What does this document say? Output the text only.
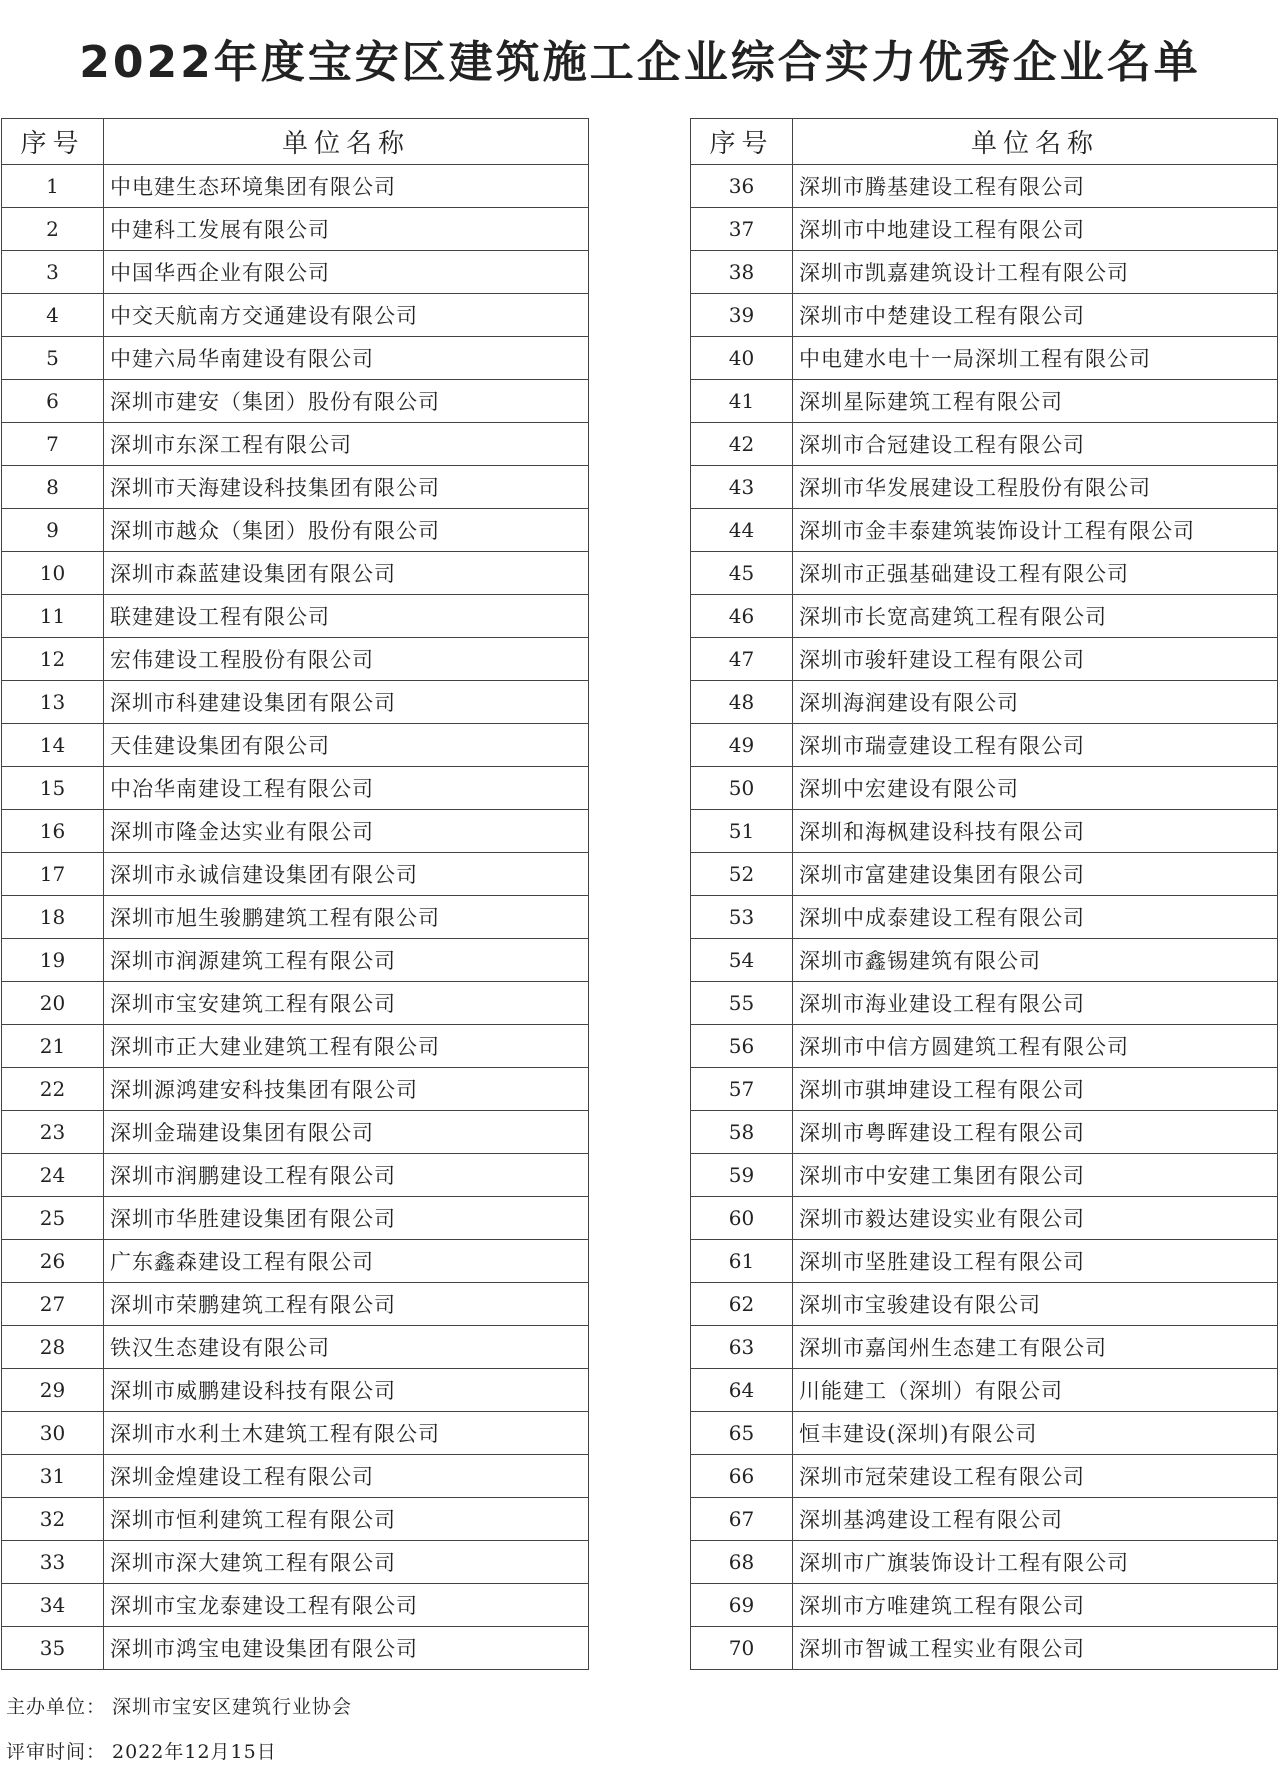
2022年度宝安区建筑施工企业综合实力优秀企业名单
序号	单位名称
1	中电建生态环境集团有限公司
2	中建科工发展有限公司
3	中国华西企业有限公司
4	中交天航南方交通建设有限公司
5	中建六局华南建设有限公司
6	深圳市建安（集团）股份有限公司
7	深圳市东深工程有限公司
8	深圳市天海建设科技集团有限公司
9	深圳市越众（集团）股份有限公司
10	深圳市森蓝建设集团有限公司
11	联建建设工程有限公司
12	宏伟建设工程股份有限公司
13	深圳市科建建设集团有限公司
14	天佳建设集团有限公司
15	中冶华南建设工程有限公司
16	深圳市隆金达实业有限公司
17	深圳市永诚信建设集团有限公司
18	深圳市旭生骏鹏建筑工程有限公司
19	深圳市润源建筑工程有限公司
20	深圳市宝安建筑工程有限公司
21	深圳市正大建业建筑工程有限公司
22	深圳源鸿建安科技集团有限公司
23	深圳金瑞建设集团有限公司
24	深圳市润鹏建设工程有限公司
25	深圳市华胜建设集团有限公司
26	广东鑫森建设工程有限公司
27	深圳市荣鹏建筑工程有限公司
28	铁汉生态建设有限公司
29	深圳市威鹏建设科技有限公司
30	深圳市水利土木建筑工程有限公司
31	深圳金煌建设工程有限公司
32	深圳市恒利建筑工程有限公司
33	深圳市深大建筑工程有限公司
34	深圳市宝龙泰建设工程有限公司
35	深圳市鸿宝电建设集团有限公司
序号	单位名称
36	深圳市腾基建设工程有限公司
37	深圳市中地建设工程有限公司
38	深圳市凯嘉建筑设计工程有限公司
39	深圳市中楚建设工程有限公司
40	中电建水电十一局深圳工程有限公司
41	深圳星际建筑工程有限公司
42	深圳市合冠建设工程有限公司
43	深圳市华发展建设工程股份有限公司
44	深圳市金丰泰建筑装饰设计工程有限公司
45	深圳市正强基础建设工程有限公司
46	深圳市长宽高建筑工程有限公司
47	深圳市骏轩建设工程有限公司
48	深圳海润建设有限公司
49	深圳市瑞壹建设工程有限公司
50	深圳中宏建设有限公司
51	深圳和海枫建设科技有限公司
52	深圳市富建建设集团有限公司
53	深圳中成泰建设工程有限公司
54	深圳市鑫锡建筑有限公司
55	深圳市海业建设工程有限公司
56	深圳市中信方圆建筑工程有限公司
57	深圳市骐坤建设工程有限公司
58	深圳市粤晖建设工程有限公司
59	深圳市中安建工集团有限公司
60	深圳市毅达建设实业有限公司
61	深圳市坚胜建设工程有限公司
62	深圳市宝骏建设有限公司
63	深圳市嘉闰州生态建工有限公司
64	川能建工（深圳）有限公司
65	恒丰建设(深圳)有限公司
66	深圳市冠荣建设工程有限公司
67	深圳基鸿建设工程有限公司
68	深圳市广旗装饰设计工程有限公司
69	深圳市方唯建筑工程有限公司
70	深圳市智诚工程实业有限公司
主办单位： 深圳市宝安区建筑行业协会
评审时间： 2022年12月15日
